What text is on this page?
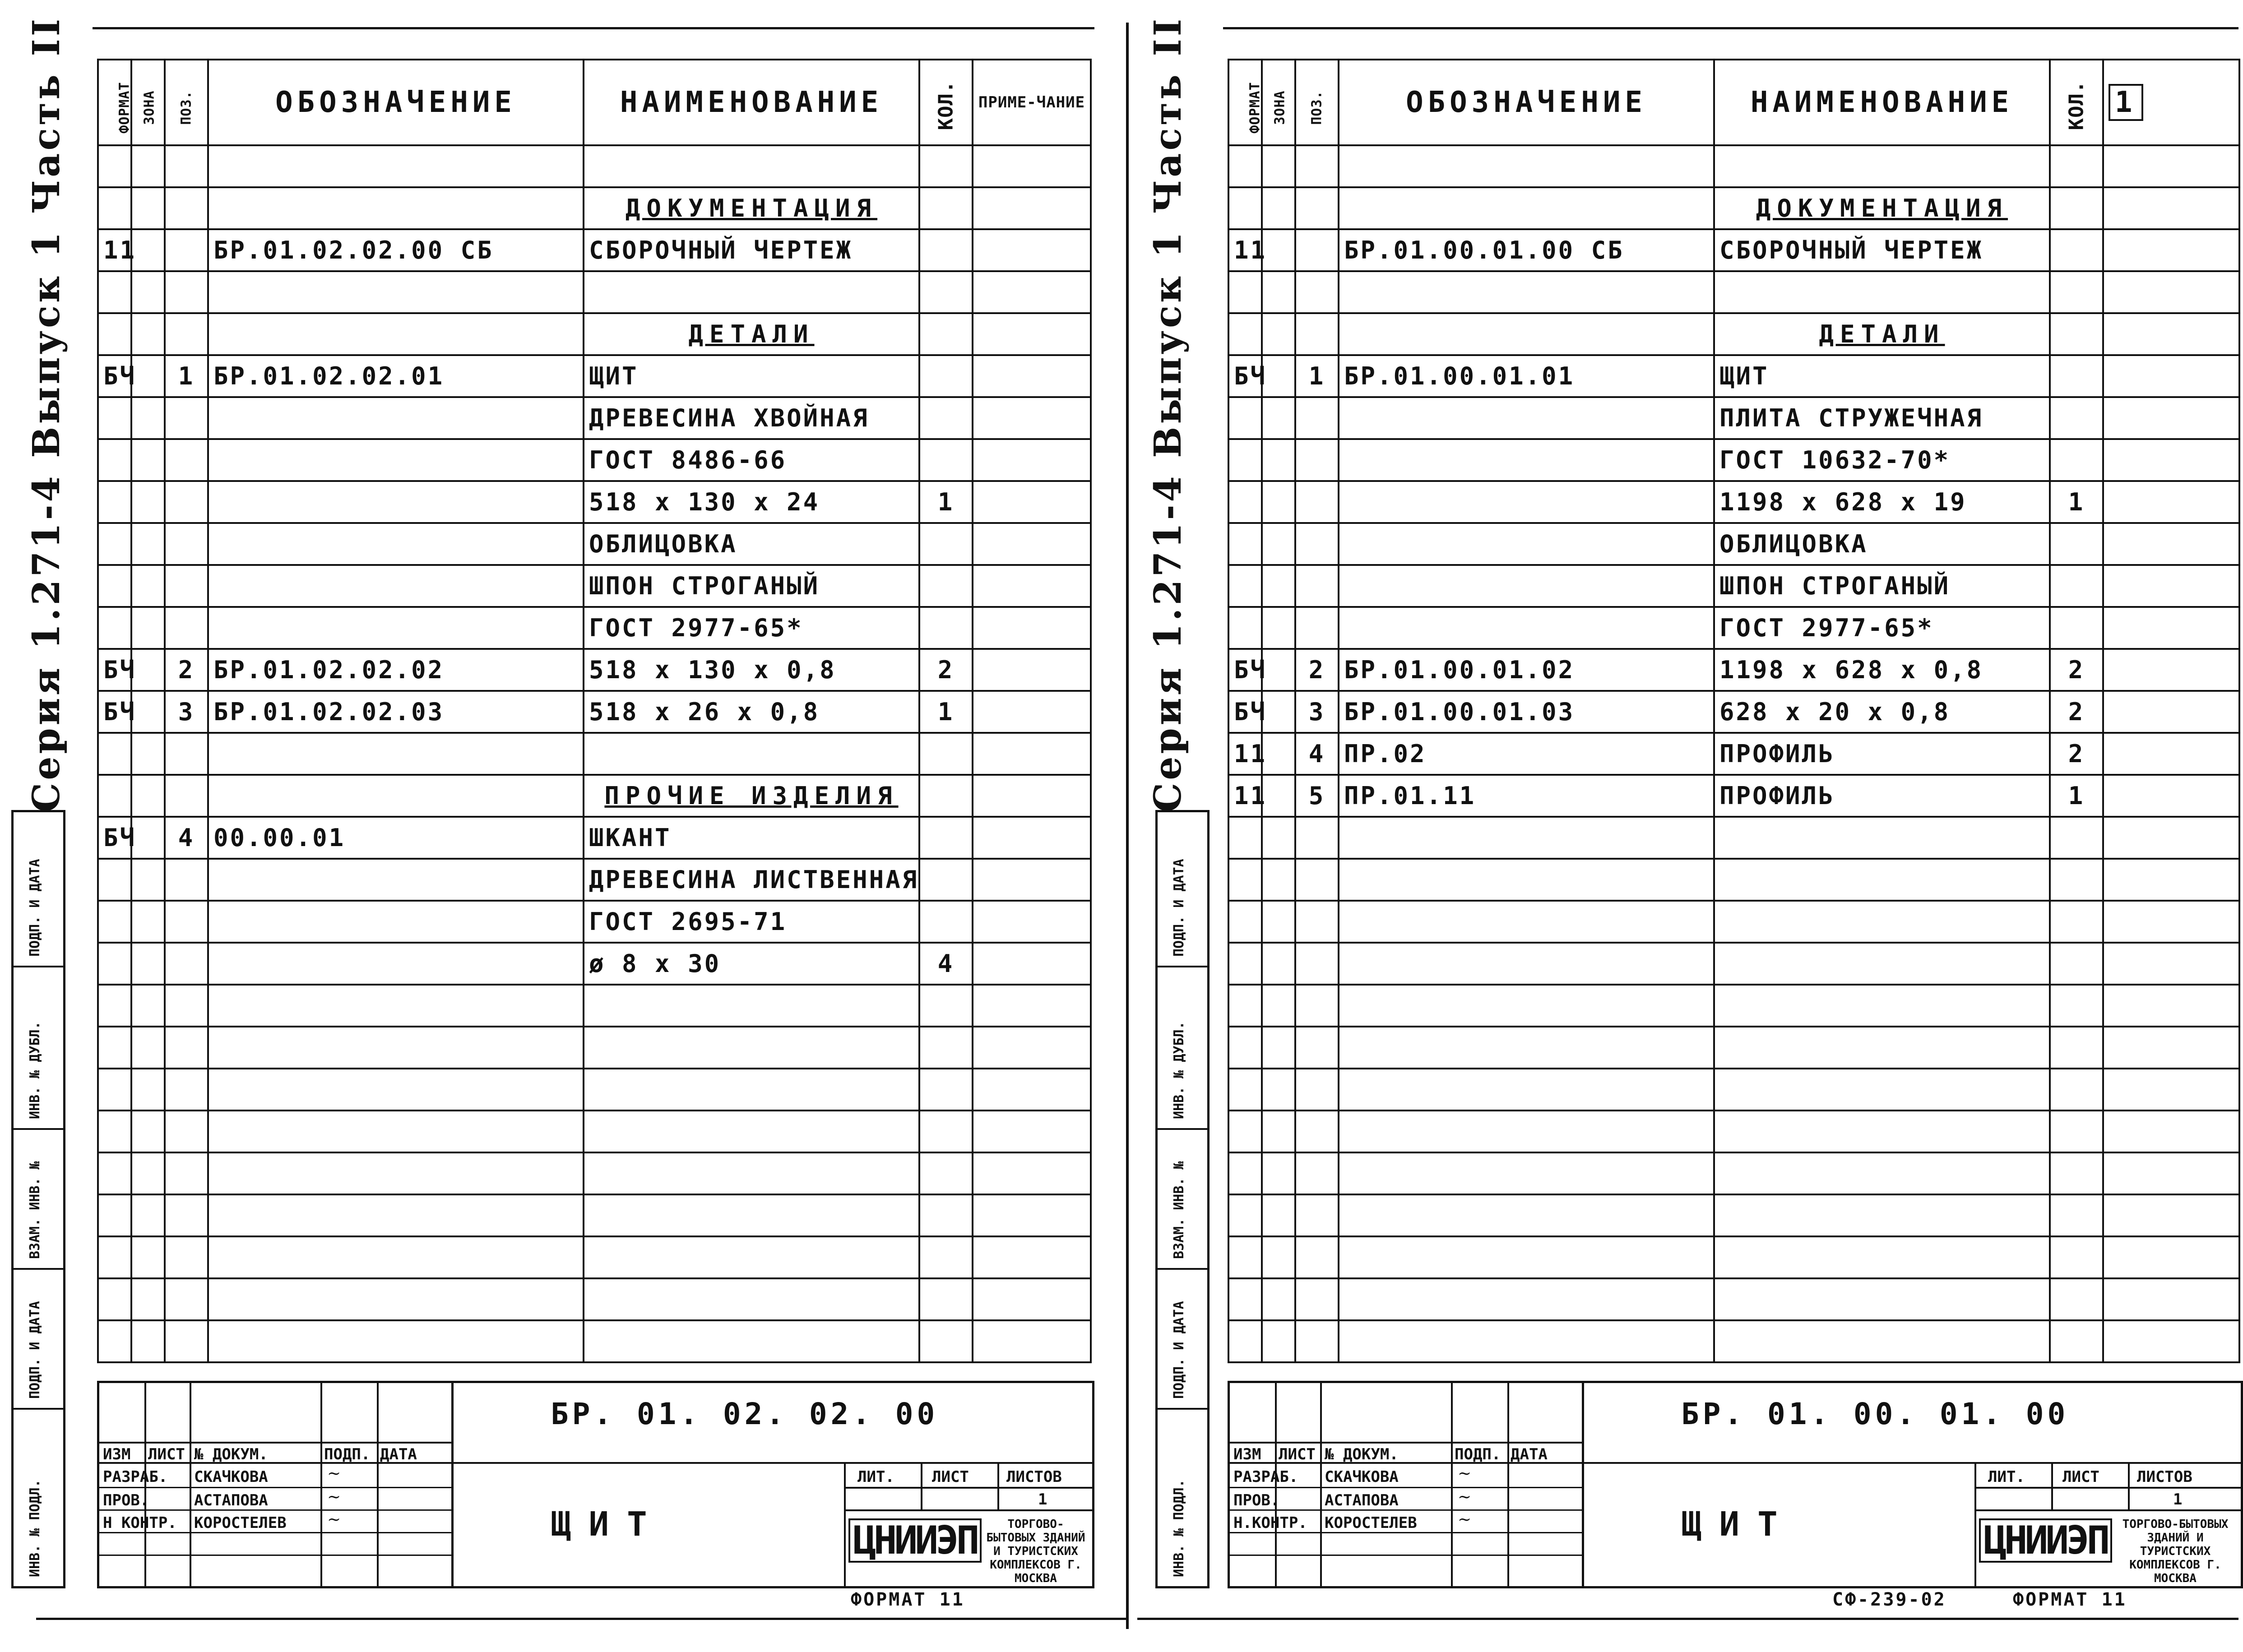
Серия 1.271-4 Выпуск 1 Часть II	ФОРМАТ	ЗОНА	ПОЗ.	ОБОЗНАЧЕНИЕ	НАИМЕНОВАНИЕ	КОЛ.	ПРИМЕ-ЧАНИЕ

				ДОКУМЕНТАЦИЯ		
11			БР.01.02.02.00 СБ	СБОРОЧНЫЙ ЧЕРТЕЖ		

				ДЕТАЛИ		
БЧ		1	БР.01.02.02.01	ЩИТ		
				ДРЕВЕСИНА ХВОЙНАЯ		
				ГОСТ 8486-66		
				518 х 130 х 24	1	
				ОБЛИЦОВКА		
				ШПОН СТРОГАНЫЙ		
				ГОСТ 2977-65*		
БЧ		2	БР.01.02.02.02	518 х 130 х 0,8	2	
БЧ		3	БР.01.02.02.03	518 х 26 х 0,8	1	

				ПРОЧИЕ ИЗДЕЛИЯ		
БЧ		4	00.00.01	ШКАНТ		
				ДРЕВЕСИНА ЛИСТВЕННАЯ		
				ГОСТ 2695-71		
				ø 8 х 30	4	

ПОДП. И ДАТА
ИНВ. № ДУБЛ.
ВЗАМ. ИНВ. №
ПОДП. И ДАТА
ИНВ. № ПОДЛ.
ИЗМ ЛИСТ № ДОКУМ.	ПОДП. ДАТА
РАЗРАБ. СКАЧКОВА
ПРОВ.	АСТАПОВА
Н КОНТР. КОРОСТЕЛЕВ
~
~
~
БР. 01. 02. 02. 00
ЩИТ
ЛИТ. ЛИСТ ЛИСТОВ
1
ЦНИИЭП	ТОРГОВО-БЫТОВЫХ ЗДАНИЙ И ТУРИСТСКИХ КОМПЛЕКСОВ Г. МОСКВА
ФОРМАТ 11
Серия 1.271-4 Выпуск 1 Часть II	ФОРМАТ	ЗОНА	ПОЗ.	ОБОЗНАЧЕНИЕ	НАИМЕНОВАНИЕ	КОЛ.	1

				ДОКУМЕНТАЦИЯ		
11			БР.01.00.01.00 СБ	СБОРОЧНЫЙ ЧЕРТЕЖ		

				ДЕТАЛИ		
БЧ		1	БР.01.00.01.01	ЩИТ		
				ПЛИТА СТРУЖЕЧНАЯ		
				ГОСТ 10632-70*		
				1198 х 628 х 19	1	
				ОБЛИЦОВКА		
				ШПОН СТРОГАНЫЙ		
				ГОСТ 2977-65*		
БЧ		2	БР.01.00.01.02	1198 х 628 х 0,8	2	
БЧ		3	БР.01.00.01.03	628 х 20 х 0,8	2	
11		4	ПР.02	ПРОФИЛЬ	2	
11		5	ПР.01.11	ПРОФИЛЬ	1	

ПОДП. И ДАТА
ИНВ. № ДУБЛ.
ВЗАМ. ИНВ. №
ПОДП. И ДАТА
ИНВ. № ПОДЛ.
ИЗМ ЛИСТ № ДОКУМ.	ПОДП. ДАТА
РАЗРАБ. СКАЧКОВА
ПРОВ.	АСТАПОВА
Н.КОНТР. КОРОСТЕЛЕВ
~
~
~
БР. 01. 00. 01. 00
ЩИТ
ЛИТ. ЛИСТ ЛИСТОВ
1
ЦНИИЭП	ТОРГОВО-БЫТОВЫХ ЗДАНИЙ И ТУРИСТСКИХ КОМПЛЕКСОВ Г. МОСКВА
СФ-239-02	ФОРМАТ 11
